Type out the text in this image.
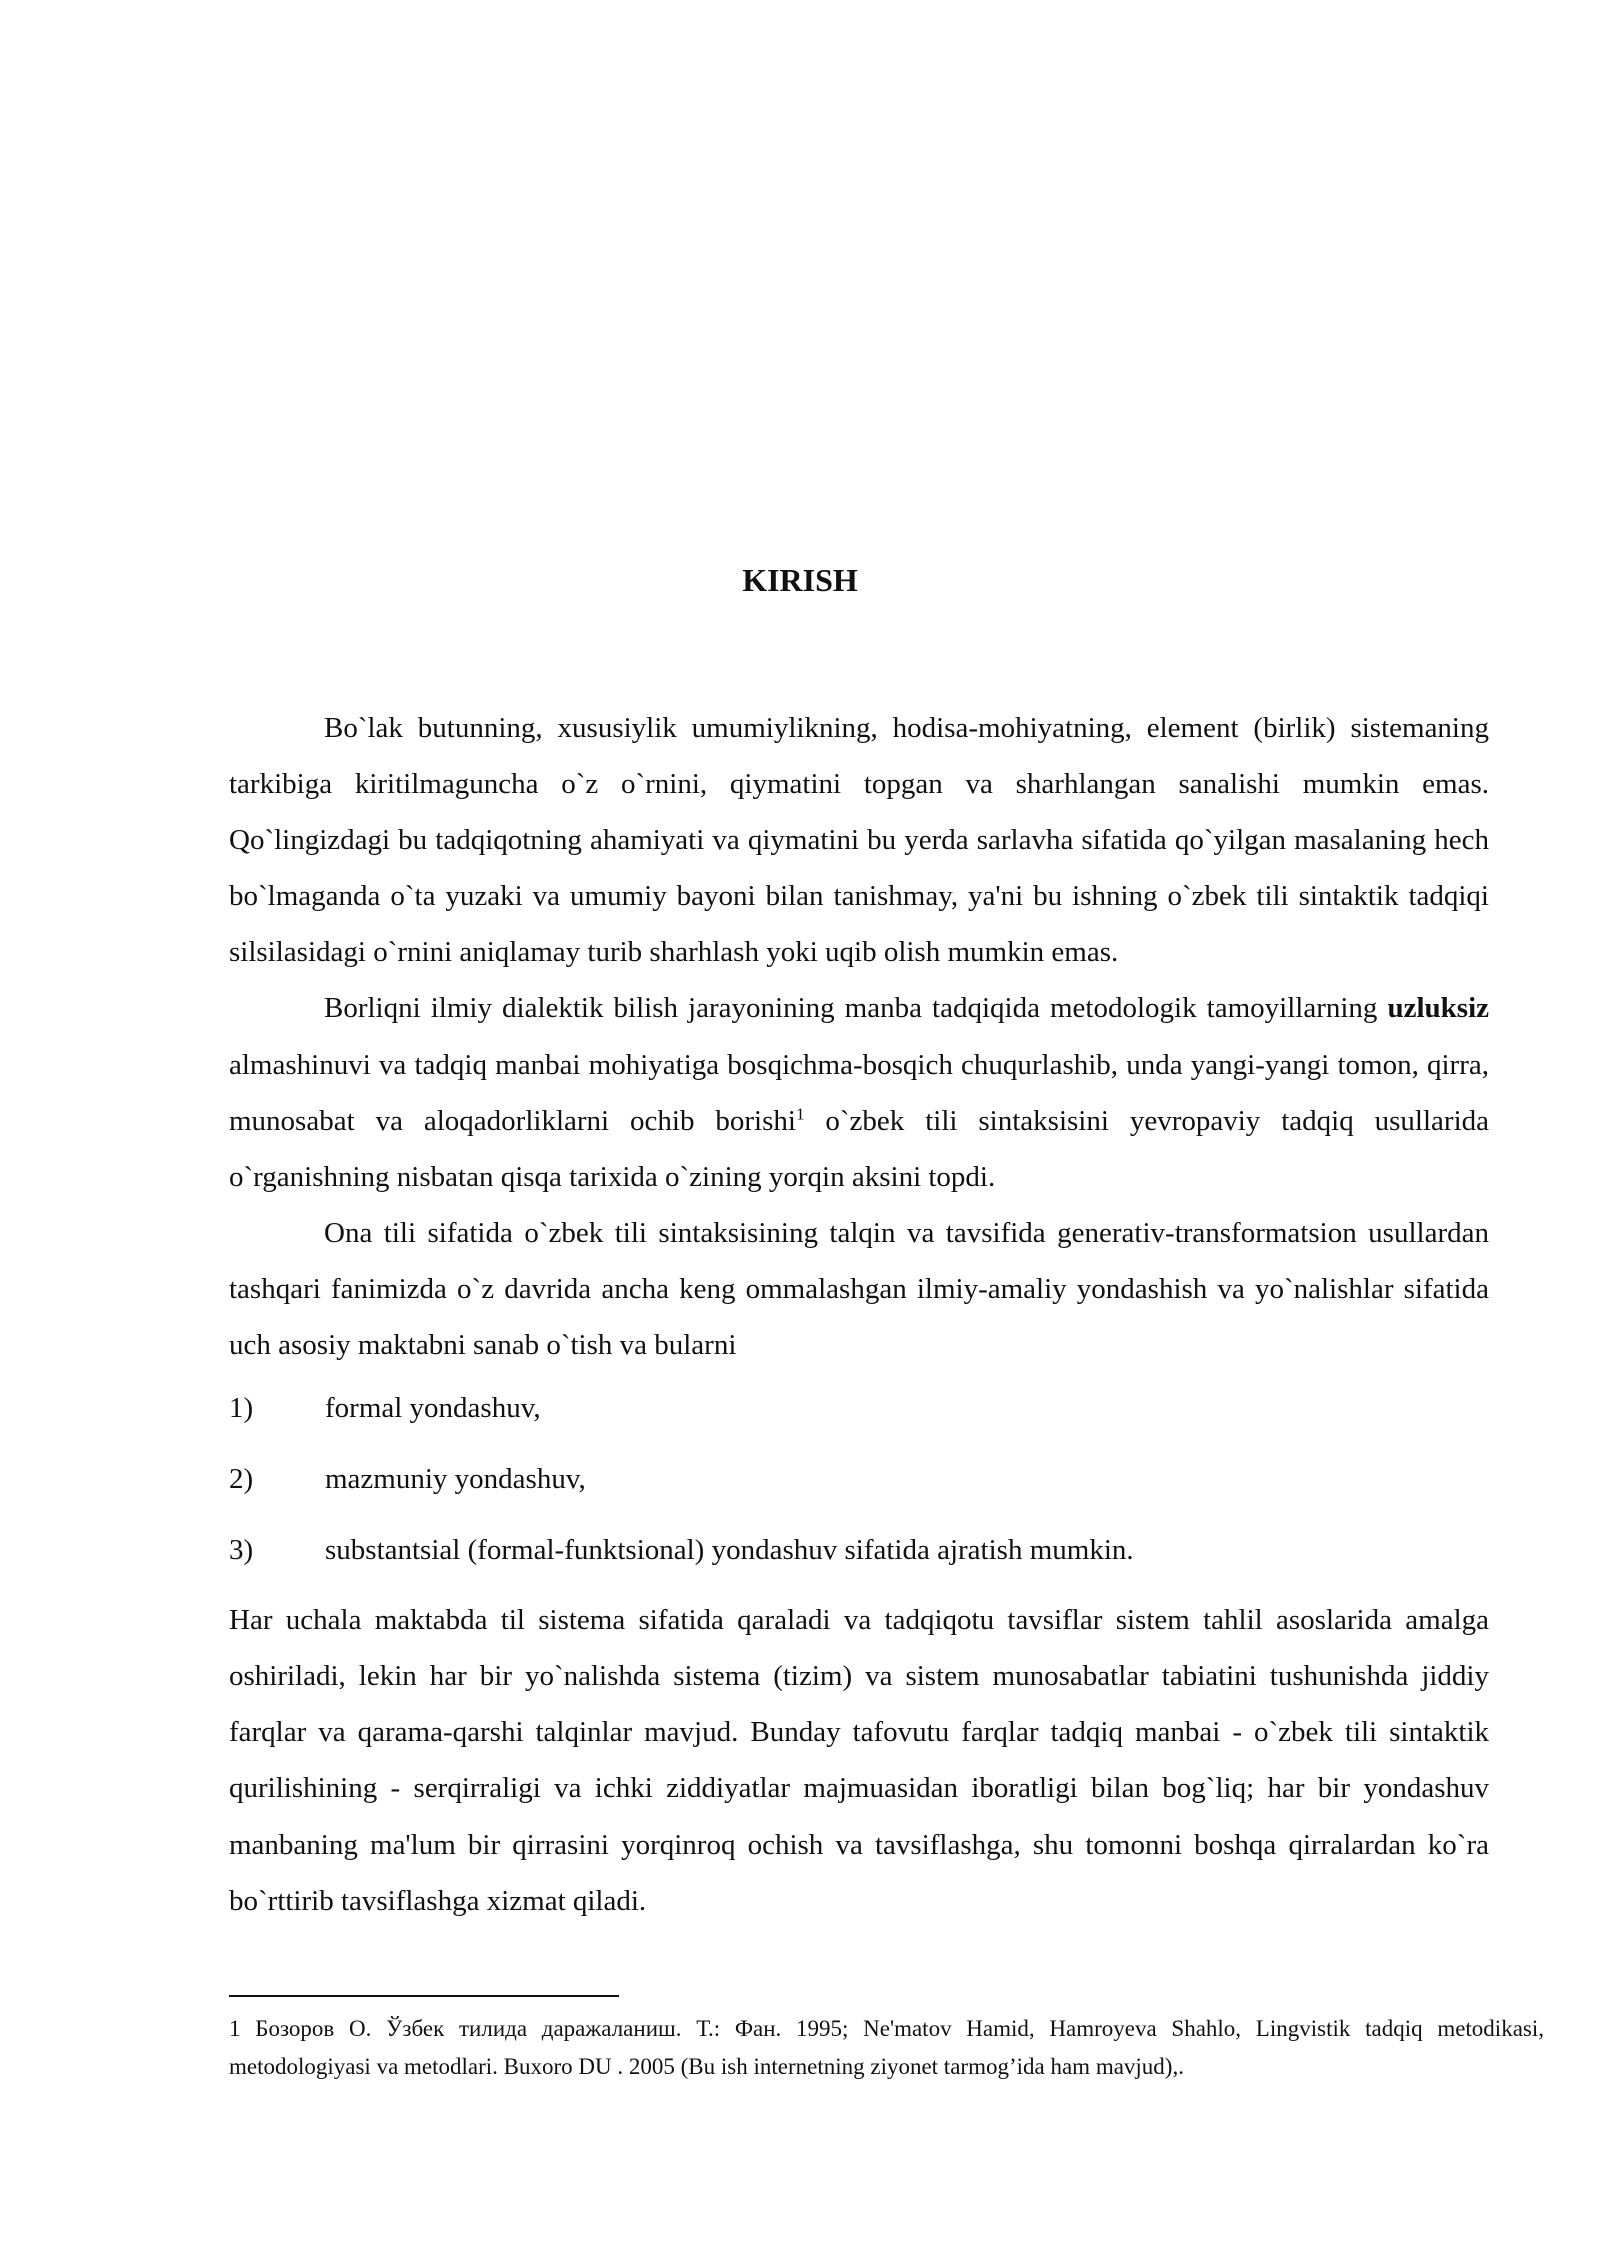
KIRISH

Bo`lak butunning, xususiylik umumiylikning, hodisa-mohiyatning, element (birlik) sistemaning tarkibiga kiritilmaguncha o`z o`rnini, qiymatini topgan va sharhlangan sanalishi mumkin emas. Qo`lingizdagi bu tadqiqotning ahamiyati va qiymatini bu yerda sarlavha sifatida qo`yilgan masalaning hech bo`lmaganda o`ta yuzaki va umumiy bayoni bilan tanishmay, ya'ni bu ishning o`zbek tili sintaktik tadqiqi silsilasidagi o`rnini aniqlamay turib sharhlash yoki uqib olish mumkin emas.

Borliqni ilmiy dialektik bilish jarayonining manba tadqiqida metodologik tamoyillarning uzluksiz almashinuvi va tadqiq manbai mohiyatiga bosqichma-bosqich chuqurlashib, unda yangi-yangi tomon, qirra, munosabat va aloqadorliklarni ochib borishi$^1$ o`zbek tili sintaksisini yevropaviy tadqiq usullarida o`rganishning nisbatan qisqa tarixida o`zining yorqin aksini topdi.

Ona tili sifatida o`zbek tili sintaksisining talqin va tavsifida generativ-transformatsion usullardan tashqari fanimizda o`z davrida ancha keng ommalashgan ilmiy-amaliy yondashish va yo`nalishlar sifatida uch asosiy maktabni sanab o`tish va bularni

1)	formal yondashuv,
2)	mazmuniy yondashuv,
3)	substantsial (formal-funktsional) yondashuv sifatida ajratish mumkin.

Har uchala maktabda til sistema sifatida qaraladi va tadqiqotu tavsiflar sistem tahlil asoslarida amalga oshiriladi, lekin har bir yo`nalishda sistema (tizim) va sistem munosabatlar tabiatini tushunishda jiddiy farqlar va qarama-qarshi talqinlar mavjud. Bunday tafovutu farqlar tadqiq manbai - o`zbek tili sintaktik qurilishining - serqirraligi va ichki ziddiyatlar majmuasidan iboratligi bilan bog`liq; har bir yondashuv manbaning ma'lum bir qirrasini yorqinroq ochish va tavsiflashga, shu tomonni boshqa qirralardan ko`ra bo`rttirib tavsiflashga xizmat qiladi.

1 Бозоров О. Ўзбек тилида даражаланиш. Т.: Фан. 1995; Ne'matov Hamid, Hamroyeva Shahlo, Lingvistik tadqiq metodikasi, metodologiyasi va metodlari. Buxoro DU . 2005 (Bu ish internetning ziyonet tarmog’ida ham mavjud),.
